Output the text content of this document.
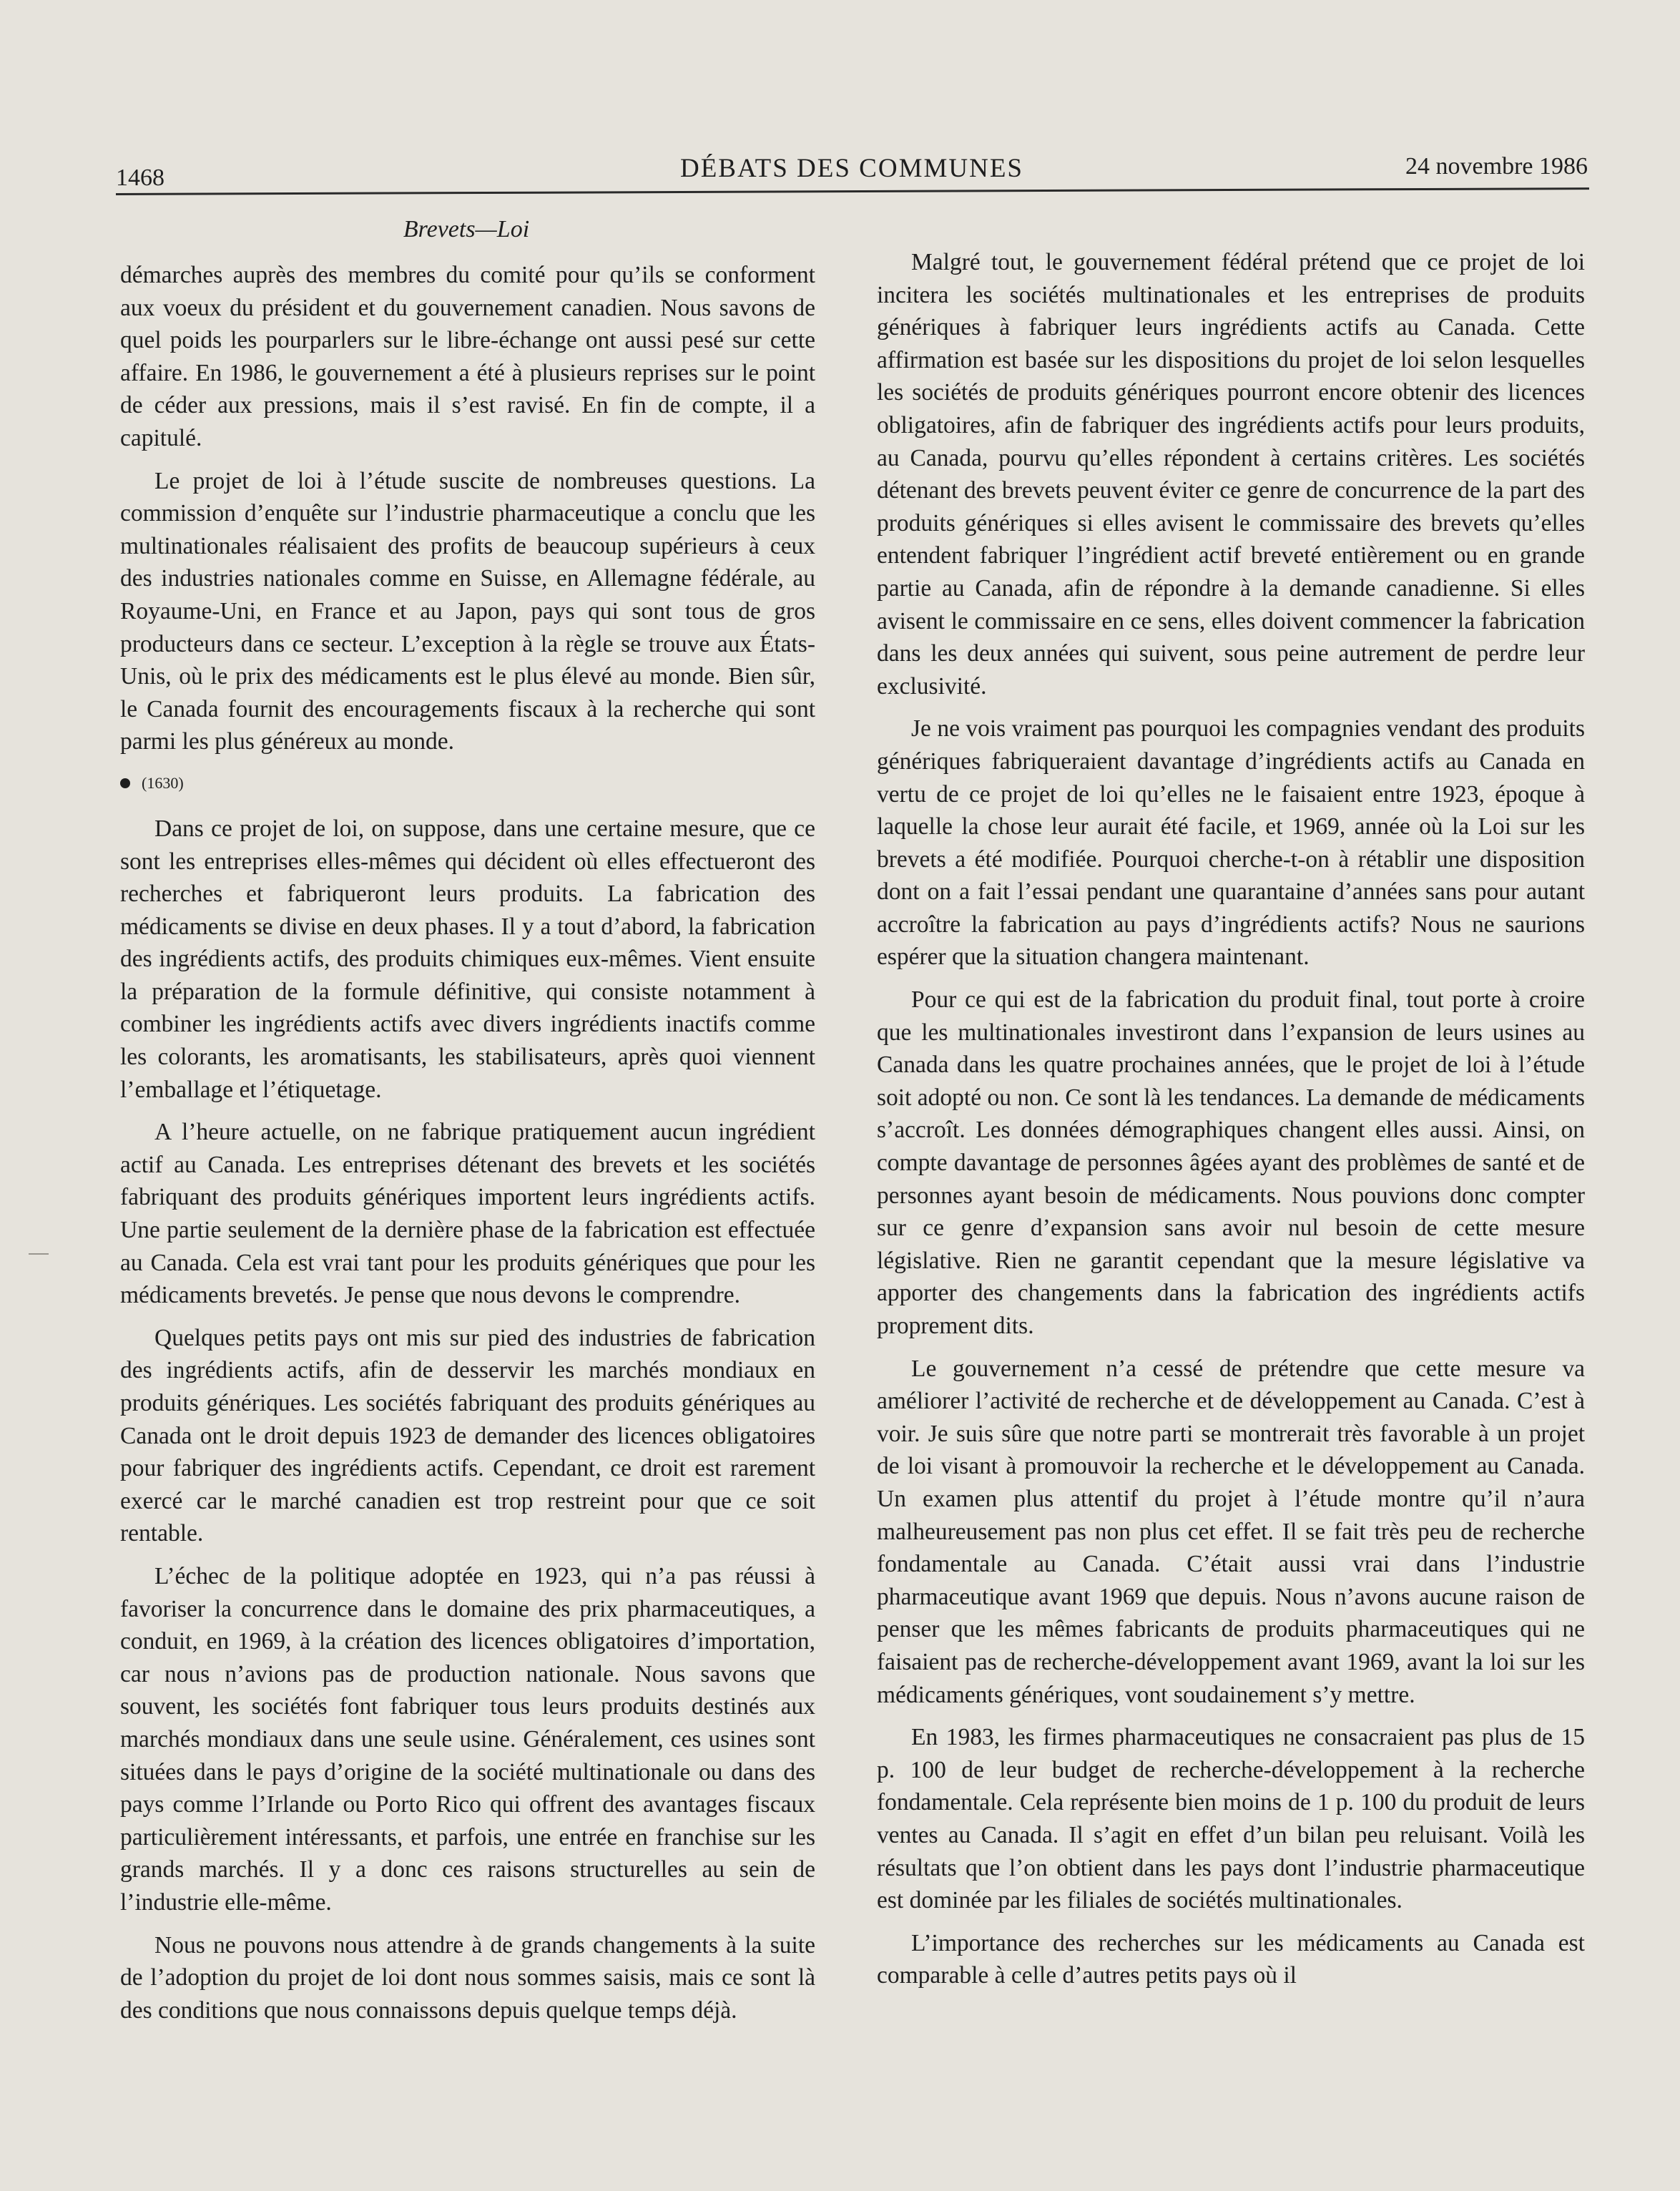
1468	DÉBATS DES COMMUNES	24 novembre 1986
Brevets—Loi

démarches auprès des membres du comité pour qu’ils se conforment aux voeux du président et du gouvernement canadien. Nous savons de quel poids les pourparlers sur le libre-échange ont aussi pesé sur cette affaire. En 1986, le gouvernement a été à plusieurs reprises sur le point de céder aux pressions, mais il s’est ravisé. En fin de compte, il a capitulé.

Le projet de loi à l’étude suscite de nombreuses questions. La commission d’enquête sur l’industrie pharmaceutique a conclu que les multinationales réalisaient des profits de beaucoup supérieurs à ceux des industries nationales comme en Suisse, en Allemagne fédérale, au Royaume-Uni, en France et au Japon, pays qui sont tous de gros producteurs dans ce secteur. L’exception à la règle se trouve aux États-Unis, où le prix des médicaments est le plus élevé au monde. Bien sûr, le Canada fournit des encouragements fiscaux à la recherche qui sont parmi les plus généreux au monde.

(1630)

Dans ce projet de loi, on suppose, dans une certaine mesure, que ce sont les entreprises elles-mêmes qui décident où elles effectueront des recherches et fabriqueront leurs produits. La fabrication des médicaments se divise en deux phases. Il y a tout d’abord, la fabrication des ingrédients actifs, des produits chimiques eux-mêmes. Vient ensuite la préparation de la formule définitive, qui consiste notamment à combiner les ingrédients actifs avec divers ingrédients inactifs comme les colorants, les aromatisants, les stabilisateurs, après quoi viennent l’emballage et l’étiquetage.

A l’heure actuelle, on ne fabrique pratiquement aucun ingrédient actif au Canada. Les entreprises détenant des brevets et les sociétés fabriquant des produits génériques importent leurs ingrédients actifs. Une partie seulement de la dernière phase de la fabrication est effectuée au Canada. Cela est vrai tant pour les produits génériques que pour les médicaments brevetés. Je pense que nous devons le comprendre.

Quelques petits pays ont mis sur pied des industries de fabrication des ingrédients actifs, afin de desservir les marchés mondiaux en produits génériques. Les sociétés fabriquant des produits génériques au Canada ont le droit depuis 1923 de demander des licences obligatoires pour fabriquer des ingrédients actifs. Cependant, ce droit est rarement exercé car le marché canadien est trop restreint pour que ce soit rentable.

L’échec de la politique adoptée en 1923, qui n’a pas réussi à favoriser la concurrence dans le domaine des prix pharmaceutiques, a conduit, en 1969, à la création des licences obligatoires d’importation, car nous n’avions pas de production nationale. Nous savons que souvent, les sociétés font fabriquer tous leurs produits destinés aux marchés mondiaux dans une seule usine. Généralement, ces usines sont situées dans le pays d’origine de la société multinationale ou dans des pays comme l’Irlande ou Porto Rico qui offrent des avantages fiscaux particulièrement intéressants, et parfois, une entrée en franchise sur les grands marchés. Il y a donc ces raisons structurelles au sein de l’industrie elle-même.

Nous ne pouvons nous attendre à de grands changements à la suite de l’adoption du projet de loi dont nous sommes saisis, mais ce sont là des conditions que nous connaissons depuis quelque temps déjà.

Malgré tout, le gouvernement fédéral prétend que ce projet de loi incitera les sociétés multinationales et les entreprises de produits génériques à fabriquer leurs ingrédients actifs au Canada. Cette affirmation est basée sur les dispositions du projet de loi selon lesquelles les sociétés de produits génériques pourront encore obtenir des licences obligatoires, afin de fabriquer des ingrédients actifs pour leurs produits, au Canada, pourvu qu’elles répondent à certains critères. Les sociétés détenant des brevets peuvent éviter ce genre de concurrence de la part des produits génériques si elles avisent le commissaire des brevets qu’elles entendent fabriquer l’ingrédient actif breveté entièrement ou en grande partie au Canada, afin de répondre à la demande canadienne. Si elles avisent le commissaire en ce sens, elles doivent commencer la fabrication dans les deux années qui suivent, sous peine autrement de perdre leur exclusivité.

Je ne vois vraiment pas pourquoi les compagnies vendant des produits génériques fabriqueraient davantage d’ingrédients actifs au Canada en vertu de ce projet de loi qu’elles ne le faisaient entre 1923, époque à laquelle la chose leur aurait été facile, et 1969, année où la Loi sur les brevets a été modifiée. Pourquoi cherche-t-on à rétablir une disposition dont on a fait l’essai pendant une quarantaine d’années sans pour autant accroître la fabrication au pays d’ingrédients actifs? Nous ne saurions espérer que la situation changera maintenant.

Pour ce qui est de la fabrication du produit final, tout porte à croire que les multinationales investiront dans l’expansion de leurs usines au Canada dans les quatre prochaines années, que le projet de loi à l’étude soit adopté ou non. Ce sont là les tendances. La demande de médicaments s’accroît. Les données démographiques changent elles aussi. Ainsi, on compte davantage de personnes âgées ayant des problèmes de santé et de personnes ayant besoin de médicaments. Nous pouvions donc compter sur ce genre d’expansion sans avoir nul besoin de cette mesure législative. Rien ne garantit cependant que la mesure législative va apporter des changements dans la fabrication des ingrédients actifs proprement dits.

Le gouvernement n’a cessé de prétendre que cette mesure va améliorer l’activité de recherche et de développement au Canada. C’est à voir. Je suis sûre que notre parti se montrerait très favorable à un projet de loi visant à promouvoir la recherche et le développement au Canada. Un examen plus attentif du projet à l’étude montre qu’il n’aura malheureusement pas non plus cet effet. Il se fait très peu de recherche fondamentale au Canada. C’était aussi vrai dans l’industrie pharmaceutique avant 1969 que depuis. Nous n’avons aucune raison de penser que les mêmes fabricants de produits pharmaceutiques qui ne faisaient pas de recherche-développement avant 1969, avant la loi sur les médicaments génériques, vont soudainement s’y mettre.

En 1983, les firmes pharmaceutiques ne consacraient pas plus de 15 p. 100 de leur budget de recherche-développement à la recherche fondamentale. Cela représente bien moins de 1 p. 100 du produit de leurs ventes au Canada. Il s’agit en effet d’un bilan peu reluisant. Voilà les résultats que l’on obtient dans les pays dont l’industrie pharmaceutique est dominée par les filiales de sociétés multinationales.

L’importance des recherches sur les médicaments au Canada est comparable à celle d’autres petits pays où il
